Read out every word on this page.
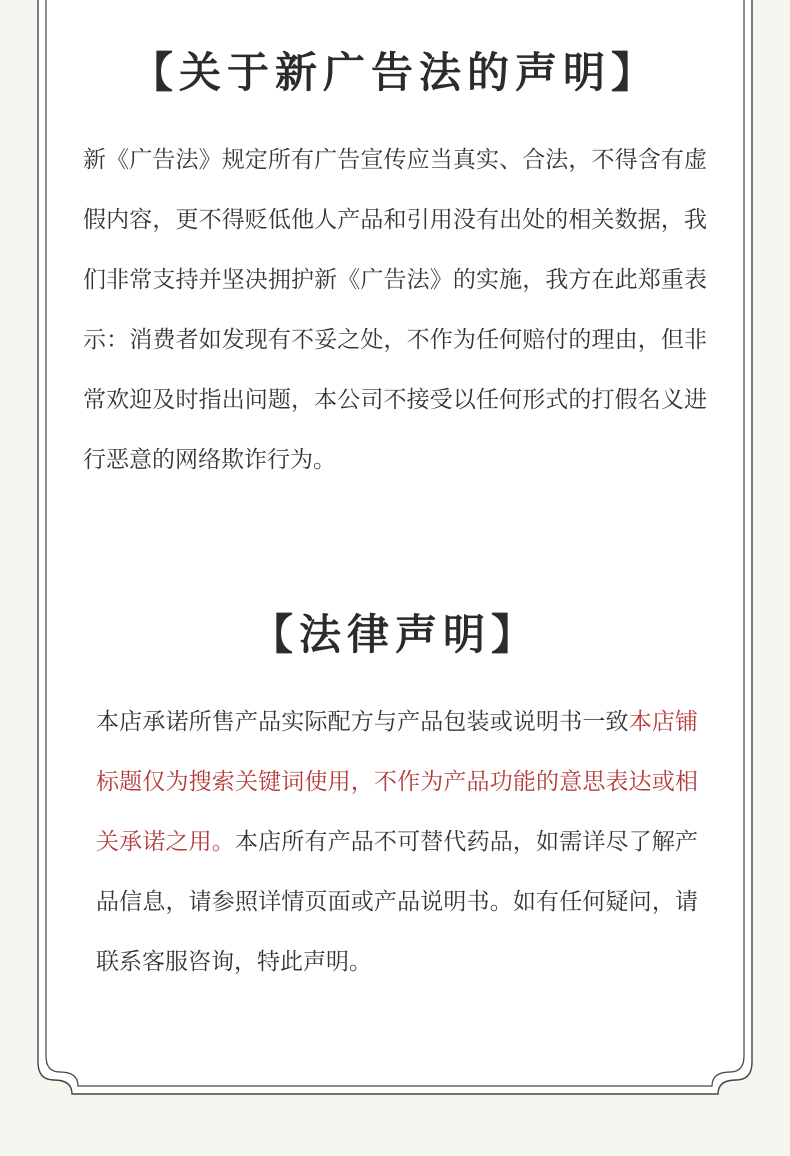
【关于新广告法的声明】

新《广告法》规定所有广告宣传应当真实、合法，不得含有虚假内容，更不得贬低他人产品和引用没有出处的相关数据，我们非常支持并坚决拥护新《广告法》的实施，我方在此郑重表示：消费者如发现有不妥之处，不作为任何赔付的理由，但非常欢迎及时指出问题，本公司不接受以任何形式的打假名义进行恶意的网络欺诈行为。

【法律声明】

本店承诺所售产品实际配方与产品包装或说明书一致本店铺标题仅为搜索关键词使用，不作为产品功能的意思表达或相关承诺之用。本店所有产品不可替代药品，如需详尽了解产品信息，请参照详情页面或产品说明书。如有任何疑问，请联系客服咨询，特此声明。
